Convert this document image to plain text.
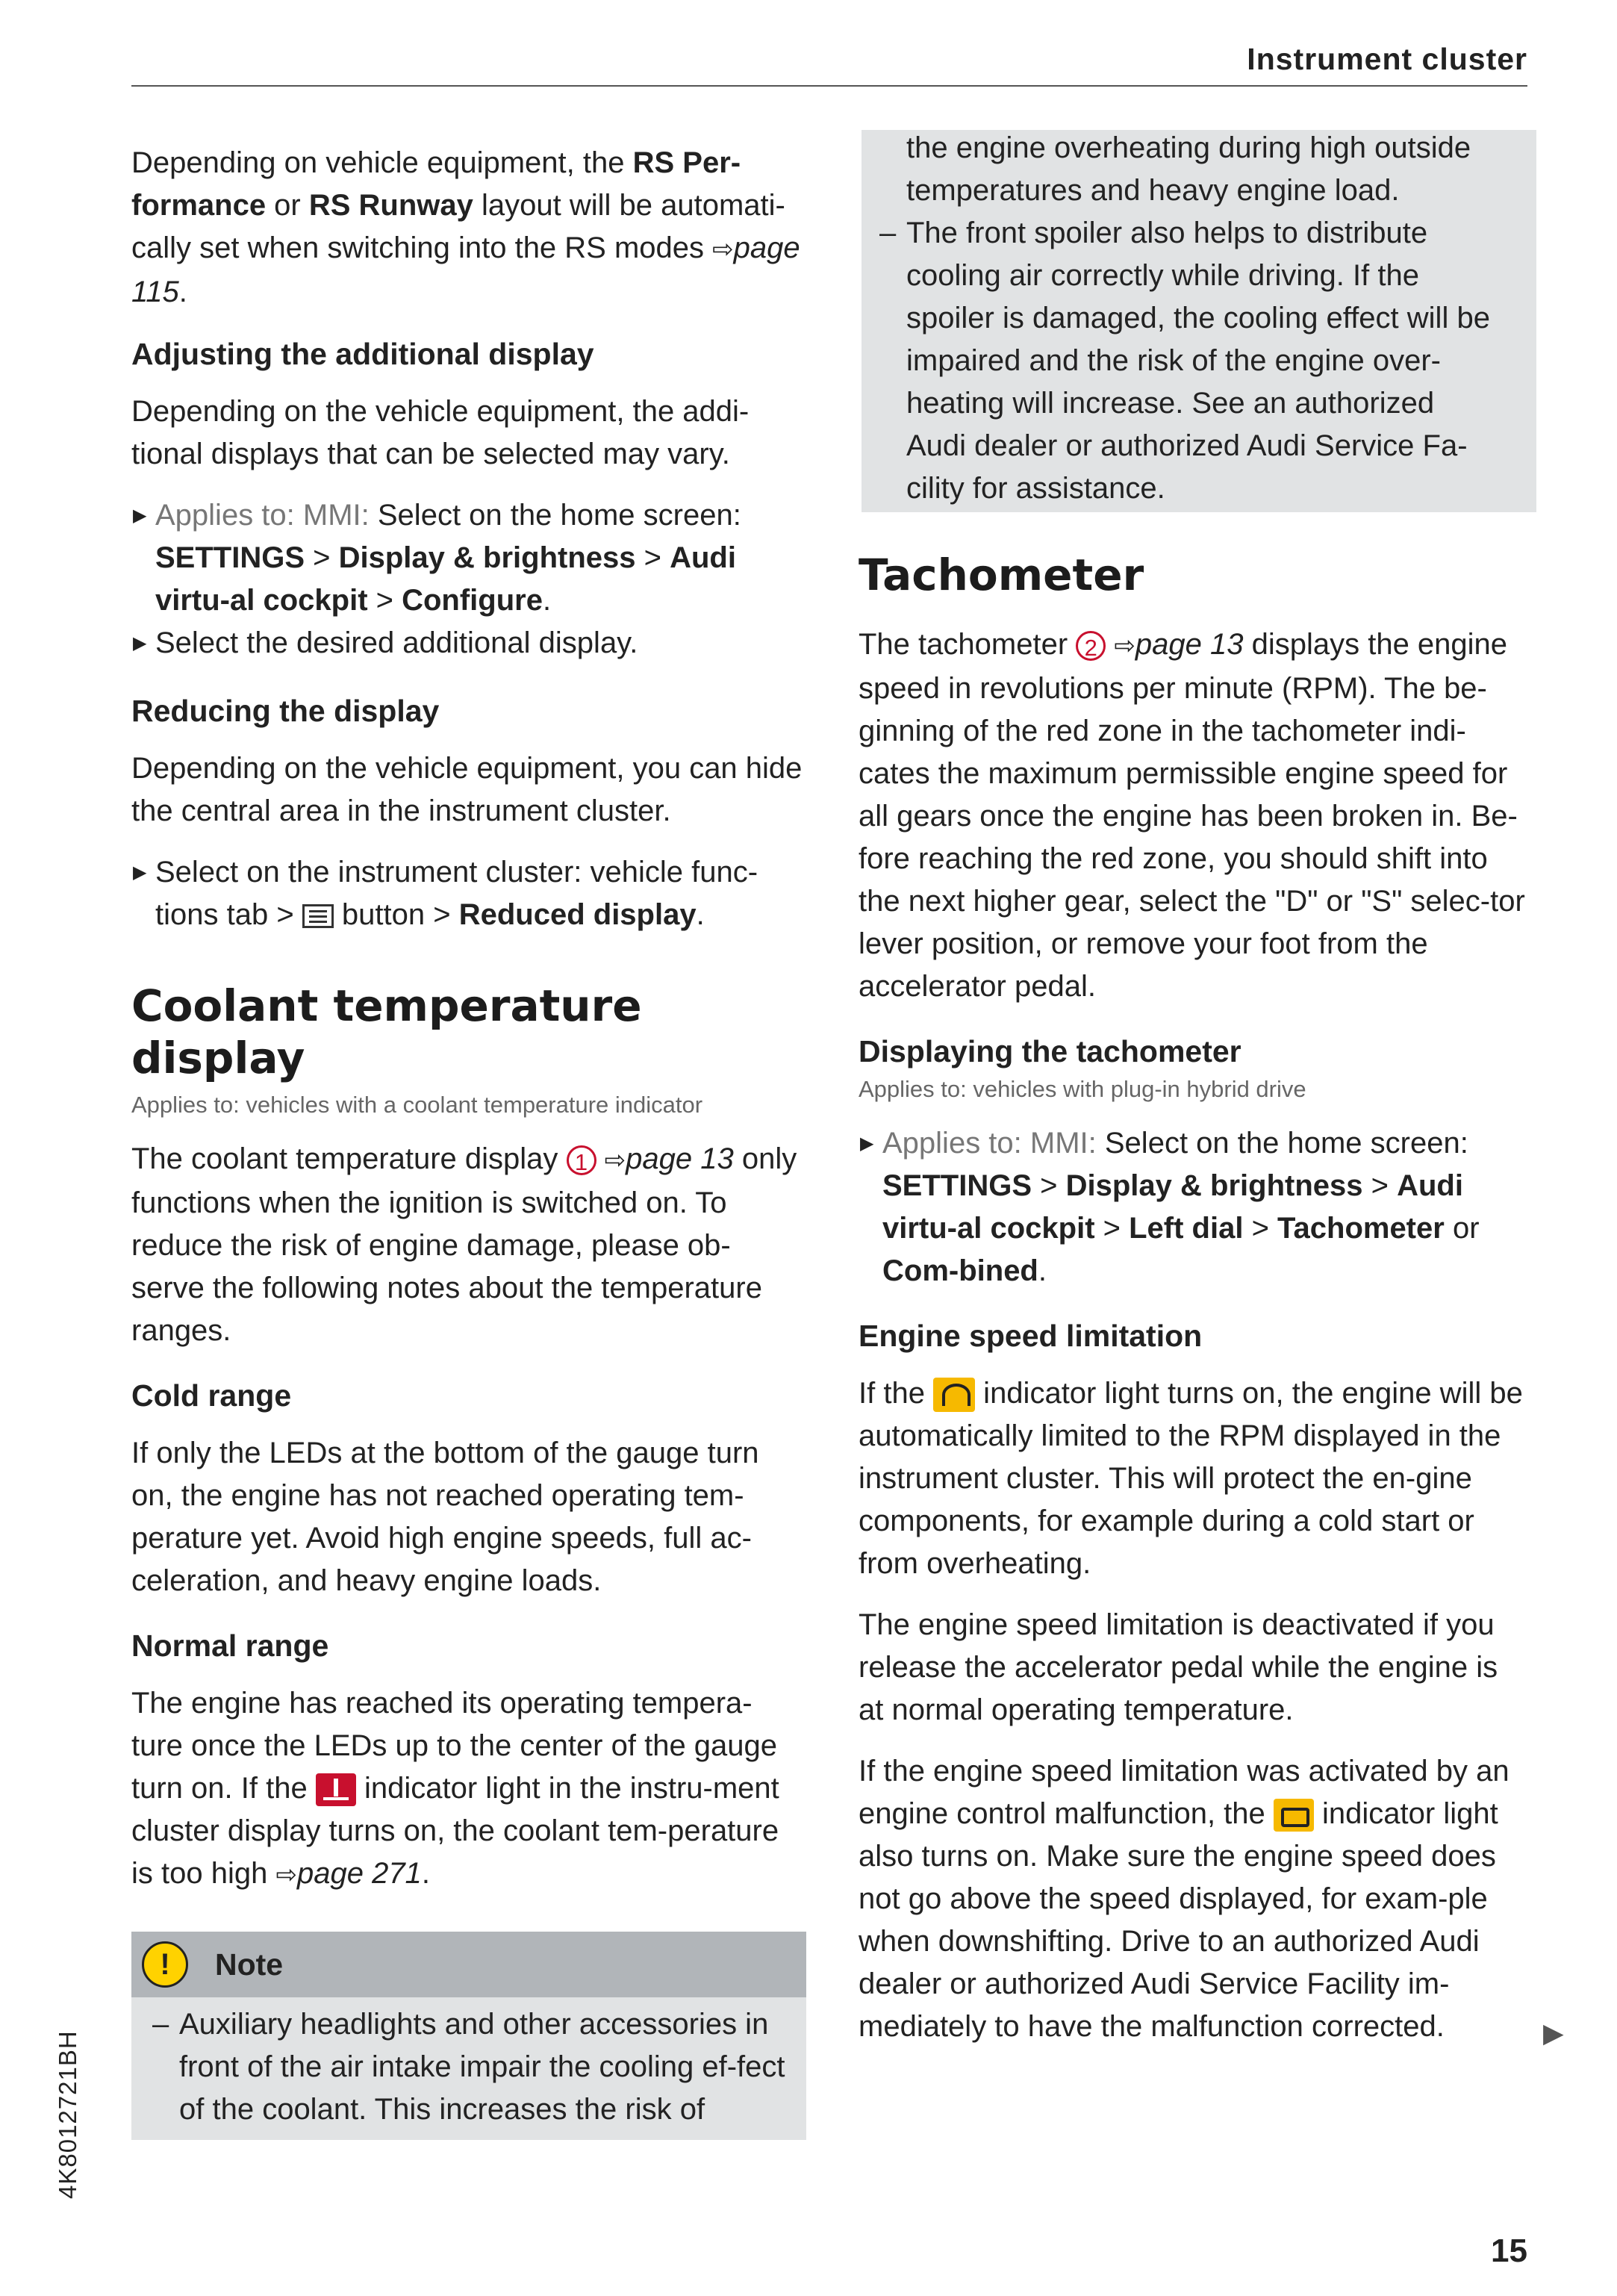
Instrument cluster

Depending on vehicle equipment, the RS Per-formance or RS Runway layout will be automati-cally set when switching into the RS modes ⇨page 115.

Adjusting the additional display

Depending on the vehicle equipment, the addi-tional displays that can be selected may vary.

▶ Applies to: MMI: Select on the home screen: SETTINGS > Display & brightness > Audi virtu-al cockpit > Configure.

▶ Select the desired additional display.

Reducing the display

Depending on the vehicle equipment, you can hide the central area in the instrument cluster.

▶ Select on the instrument cluster: vehicle func-tions tab >  button > Reduced display.

Coolant temperature display

Applies to: vehicles with a coolant temperature indicator

The coolant temperature display 1 ⇨page 13 only functions when the ignition is switched on. To reduce the risk of engine damage, please ob-serve the following notes about the temperature ranges.

Cold range

If only the LEDs at the bottom of the gauge turn on, the engine has not reached operating tem-perature yet. Avoid high engine speeds, full ac-celeration, and heavy engine loads.

Normal range

The engine has reached its operating tempera-ture once the LEDs up to the center of the gauge turn on. If the  indicator light in the instru-ment cluster display turns on, the coolant tem-perature is too high ⇨page 271.

!	Note

– Auxiliary headlights and other accessories in front of the air intake impair the cooling ef-fect of the coolant. This increases the risk of

the engine overheating during high outside temperatures and heavy engine load.

– The front spoiler also helps to distribute cooling air correctly while driving. If the spoiler is damaged, the cooling effect will be impaired and the risk of the engine over-heating will increase. See an authorized Audi dealer or authorized Audi Service Fa-cility for assistance.

Tachometer

The tachometer 2 ⇨page 13 displays the engine speed in revolutions per minute (RPM). The be-ginning of the red zone in the tachometer indi-cates the maximum permissible engine speed for all gears once the engine has been broken in. Be-fore reaching the red zone, you should shift into the next higher gear, select the "D" or "S" selec-tor lever position, or remove your foot from the accelerator pedal.

Displaying the tachometer

Applies to: vehicles with plug-in hybrid drive

▶ Applies to: MMI: Select on the home screen: SETTINGS > Display & brightness > Audi virtu-al cockpit > Left dial > Tachometer or Com-bined.

Engine speed limitation

If the  indicator light turns on, the engine will be automatically limited to the RPM displayed in the instrument cluster. This will protect the en-gine components, for example during a cold start or from overheating.

The engine speed limitation is deactivated if you release the accelerator pedal while the engine is at normal operating temperature.

If the engine speed limitation was activated by an engine control malfunction, the  indicator light also turns on. Make sure the engine speed does not go above the speed displayed, for exam-ple when downshifting. Drive to an authorized Audi dealer or authorized Audi Service Facility im-mediately to have the malfunction corrected.	▶
4K8012721BH
15
